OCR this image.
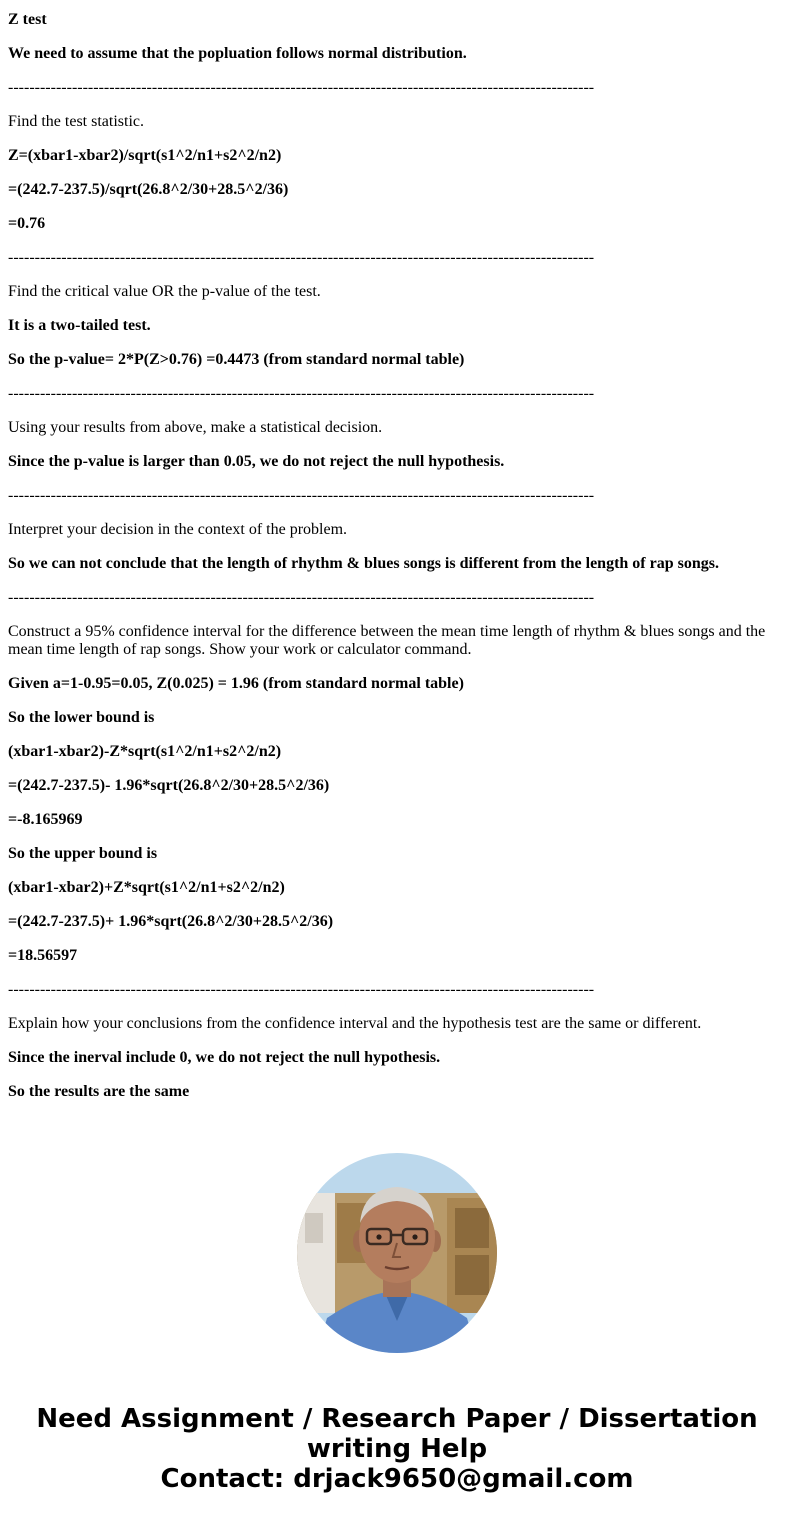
Z test

We need to assume that the popluation follows normal distribution.

--------------------------------------------------------------------------------------------------------------

Find the test statistic.

Z=(xbar1-xbar2)/sqrt(s1^2/n1+s2^2/n2)

=(242.7-237.5)/sqrt(26.8^2/30+28.5^2/36)

=0.76

--------------------------------------------------------------------------------------------------------------

Find the critical value OR the p-value of the test.

It is a two-tailed test.

So the p-value= 2*P(Z>0.76) =0.4473 (from standard normal table)

--------------------------------------------------------------------------------------------------------------

Using your results from above, make a statistical decision.

Since the p-value is larger than 0.05, we do not reject the null hypothesis.

--------------------------------------------------------------------------------------------------------------

Interpret your decision in the context of the problem.

So we can not conclude that the length of rhythm & blues songs is different from the length of rap songs.

--------------------------------------------------------------------------------------------------------------

Construct a 95% confidence interval for the difference between the mean time length of rhythm & blues songs and the mean time length of rap songs. Show your work or calculator command.

Given a=1-0.95=0.05, Z(0.025) = 1.96 (from standard normal table)

So the lower bound is

(xbar1-xbar2)-Z*sqrt(s1^2/n1+s2^2/n2)

=(242.7-237.5)- 1.96*sqrt(26.8^2/30+28.5^2/36)

=-8.165969

So the upper bound is

(xbar1-xbar2)+Z*sqrt(s1^2/n1+s2^2/n2)

=(242.7-237.5)+ 1.96*sqrt(26.8^2/30+28.5^2/36)

=18.56597

--------------------------------------------------------------------------------------------------------------

Explain how your conclusions from the confidence interval and the hypothesis test are the same or different.

Since the inerval include 0, we do not reject the null hypothesis.

So the results are the same

Need Assignment / Research Paper / Dissertation
writing Help
Contact: drjack9650@gmail.com
